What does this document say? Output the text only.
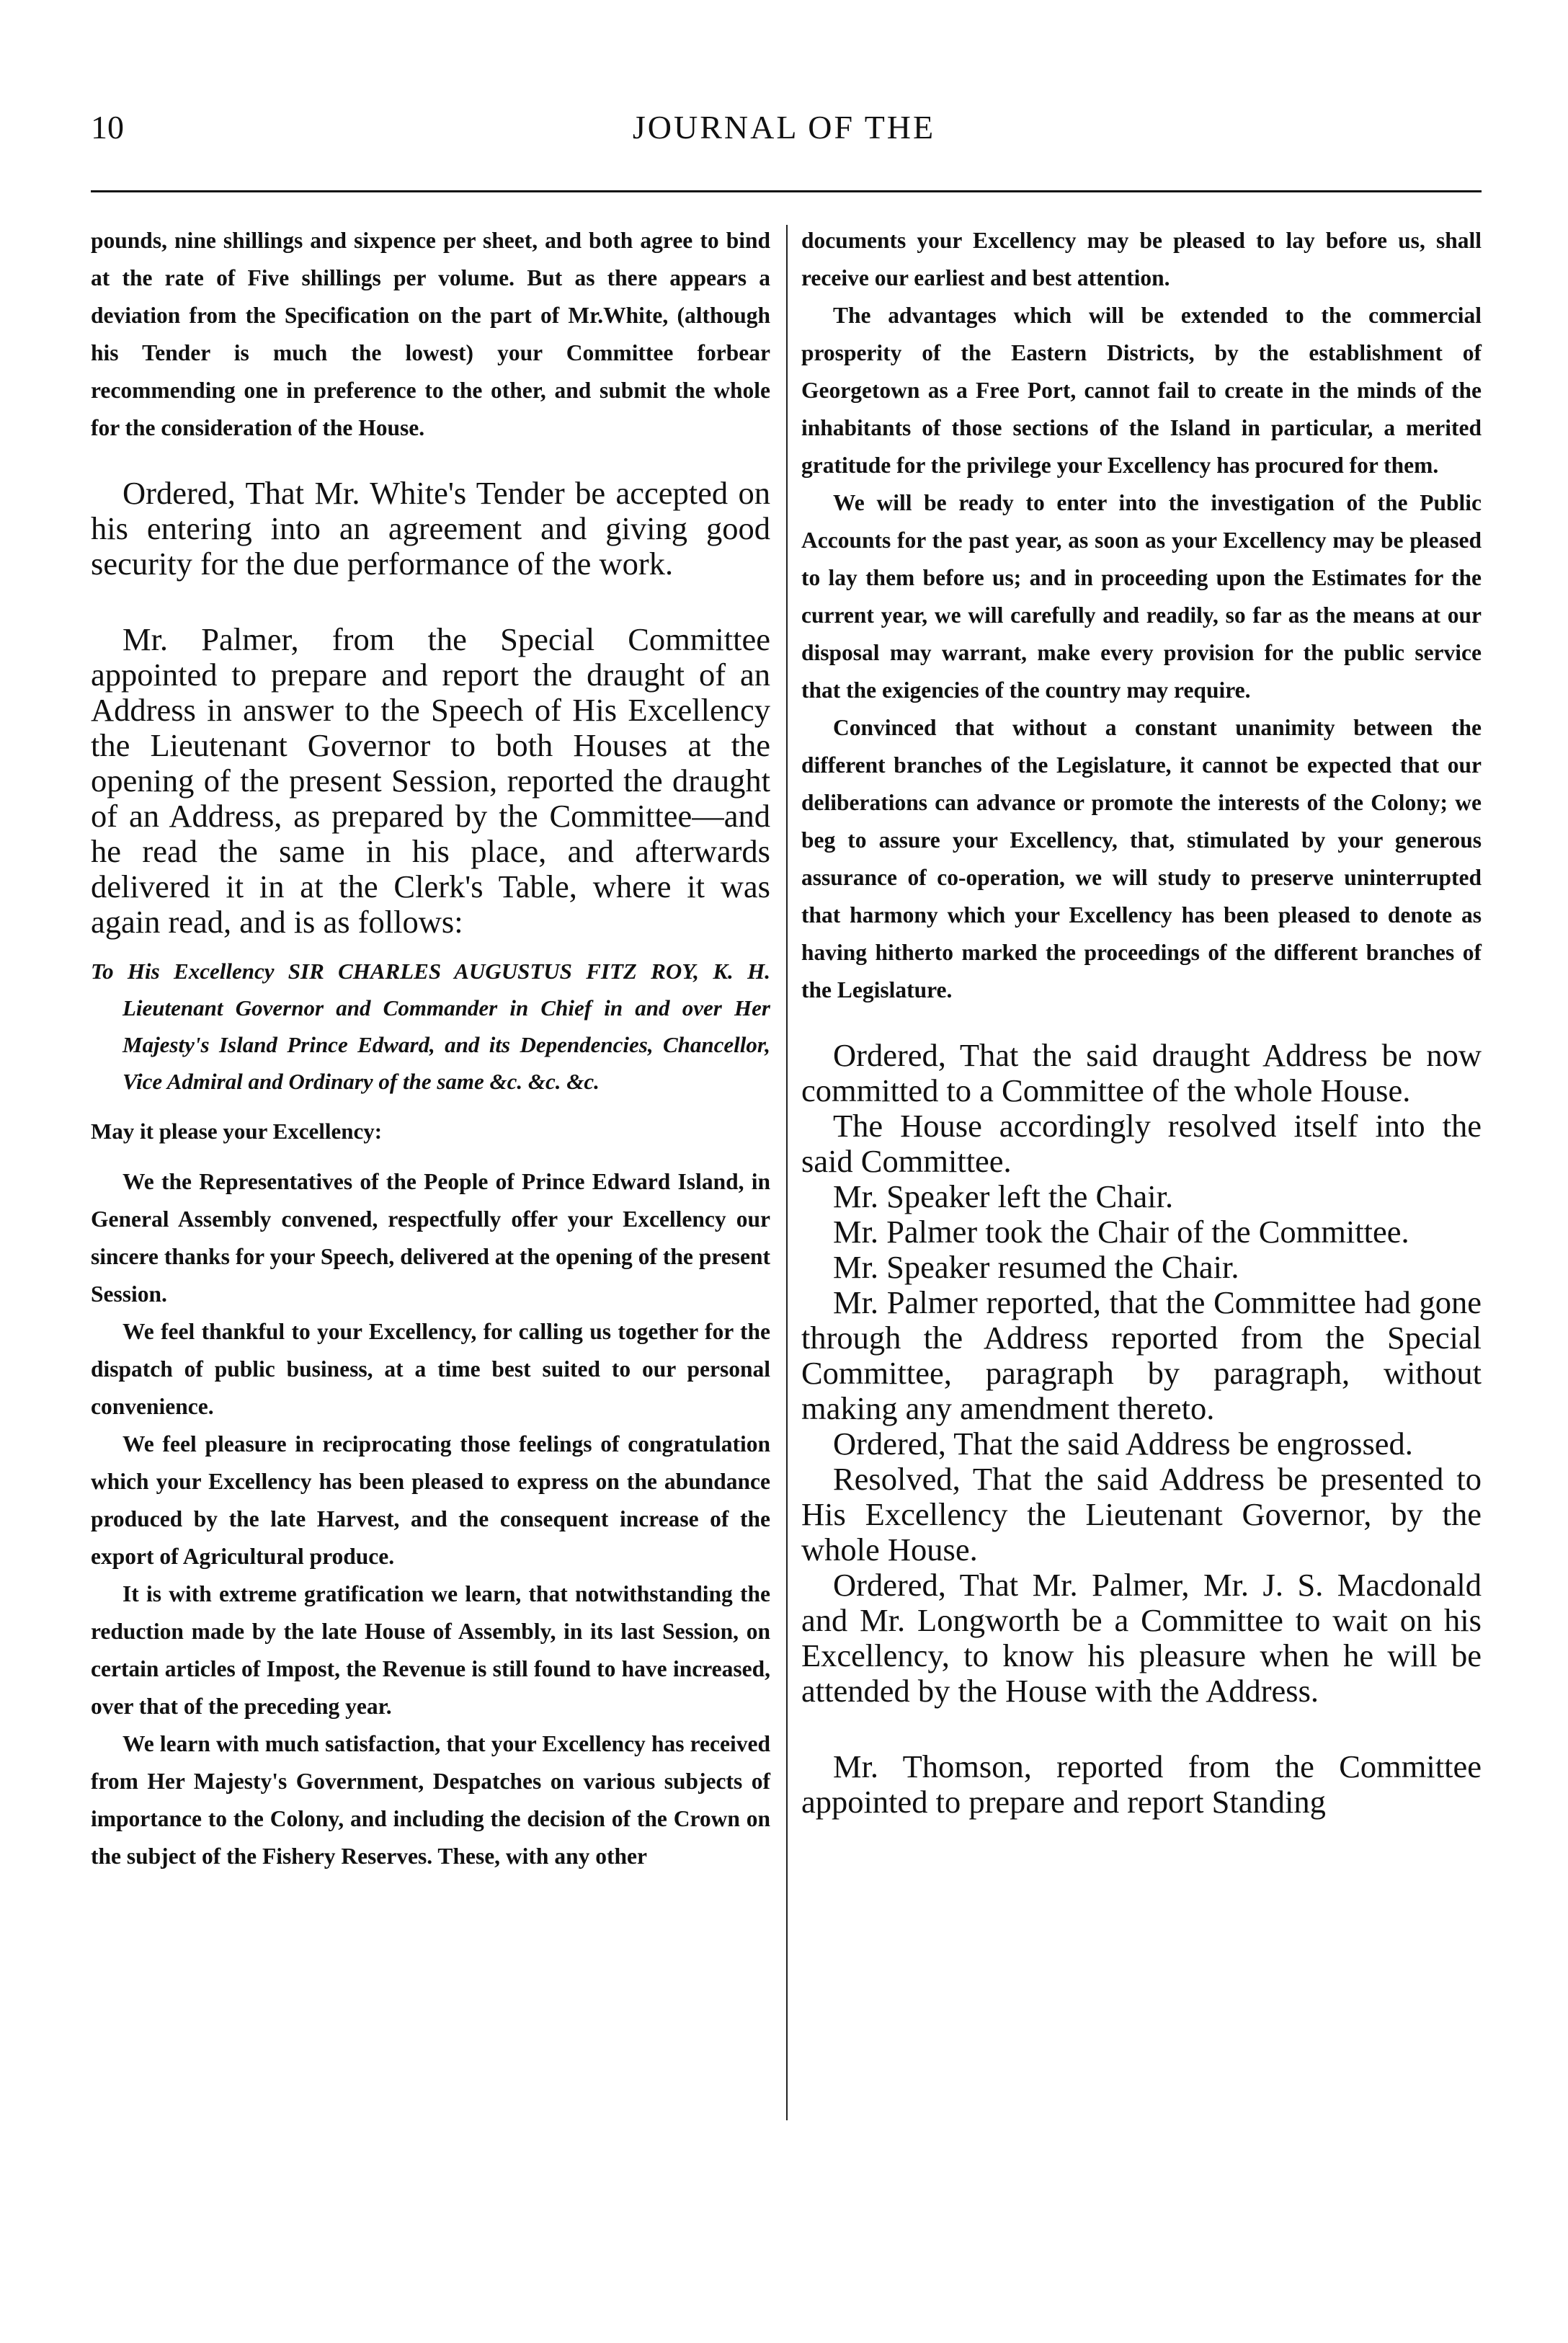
10	JOURNAL OF THE

pounds, nine shillings and sixpence per sheet, and both agree to bind at the rate of Five shillings per volume. But as there appears a deviation from the Specification on the part of Mr.White, (although his Tender is much the lowest) your Committee forbear recommending one in preference to the other, and submit the whole for the consideration of the House.

Ordered, That Mr. White's Tender be accepted on his entering into an agreement and giving good security for the due performance of the work.

Mr. Palmer, from the Special Committee appointed to prepare and report the draught of an Address in answer to the Speech of His Excellency the Lieutenant Governor to both Houses at the opening of the present Session, reported the draught of an Address, as prepared by the Committee—and he read the same in his place, and afterwards delivered it in at the Clerk's Table, where it was again read, and is as follows:

To His Excellency SIR CHARLES AUGUSTUS FITZ ROY, K. H. Lieutenant Governor and Commander in Chief in and over Her Majesty's Island Prince Edward, and its Dependencies, Chancellor, Vice Admiral and Ordinary of the same &c. &c. &c.

May it please your Excellency:

We the Representatives of the People of Prince Edward Island, in General Assembly convened, respectfully offer your Excellency our sincere thanks for your Speech, delivered at the opening of the present Session.

We feel thankful to your Excellency, for calling us together for the dispatch of public business, at a time best suited to our personal convenience.

We feel pleasure in reciprocating those feelings of congratulation which your Excellency has been pleased to express on the abundance produced by the late Harvest, and the consequent increase of the export of Agricultural produce.

It is with extreme gratification we learn, that notwithstanding the reduction made by the late House of Assembly, in its last Session, on certain articles of Impost, the Revenue is still found to have increased, over that of the preceding year.

We learn with much satisfaction, that your Excellency has received from Her Majesty's Government, Despatches on various subjects of importance to the Colony, and including the decision of the Crown on the subject of the Fishery Reserves. These, with any other

documents your Excellency may be pleased to lay before us, shall receive our earliest and best attention.

The advantages which will be extended to the commercial prosperity of the Eastern Districts, by the establishment of Georgetown as a Free Port, cannot fail to create in the minds of the inhabitants of those sections of the Island in particular, a merited gratitude for the privilege your Excellency has procured for them.

We will be ready to enter into the investigation of the Public Accounts for the past year, as soon as your Excellency may be pleased to lay them before us; and in proceeding upon the Estimates for the current year, we will carefully and readily, so far as the means at our disposal may warrant, make every provision for the public service that the exigencies of the country may require.

Convinced that without a constant unanimity between the different branches of the Legislature, it cannot be expected that our deliberations can advance or promote the interests of the Colony; we beg to assure your Excellency, that, stimulated by your generous assurance of co-operation, we will study to preserve uninterrupted that harmony which your Excellency has been pleased to denote as having hitherto marked the proceedings of the different branches of the Legislature.

Ordered, That the said draught Address be now committed to a Committee of the whole House.

The House accordingly resolved itself into the said Committee.

Mr. Speaker left the Chair.

Mr. Palmer took the Chair of the Committee.

Mr. Speaker resumed the Chair.

Mr. Palmer reported, that the Committee had gone through the Address reported from the Special Committee, paragraph by paragraph, without making any amendment thereto.

Ordered, That the said Address be engrossed.

Resolved, That the said Address be presented to His Excellency the Lieutenant Governor, by the whole House.

Ordered, That Mr. Palmer, Mr. J. S. Macdonald and Mr. Longworth be a Committee to wait on his Excellency, to know his pleasure when he will be attended by the House with the Address.

Mr. Thomson, reported from the Committee appointed to prepare and report Standing
